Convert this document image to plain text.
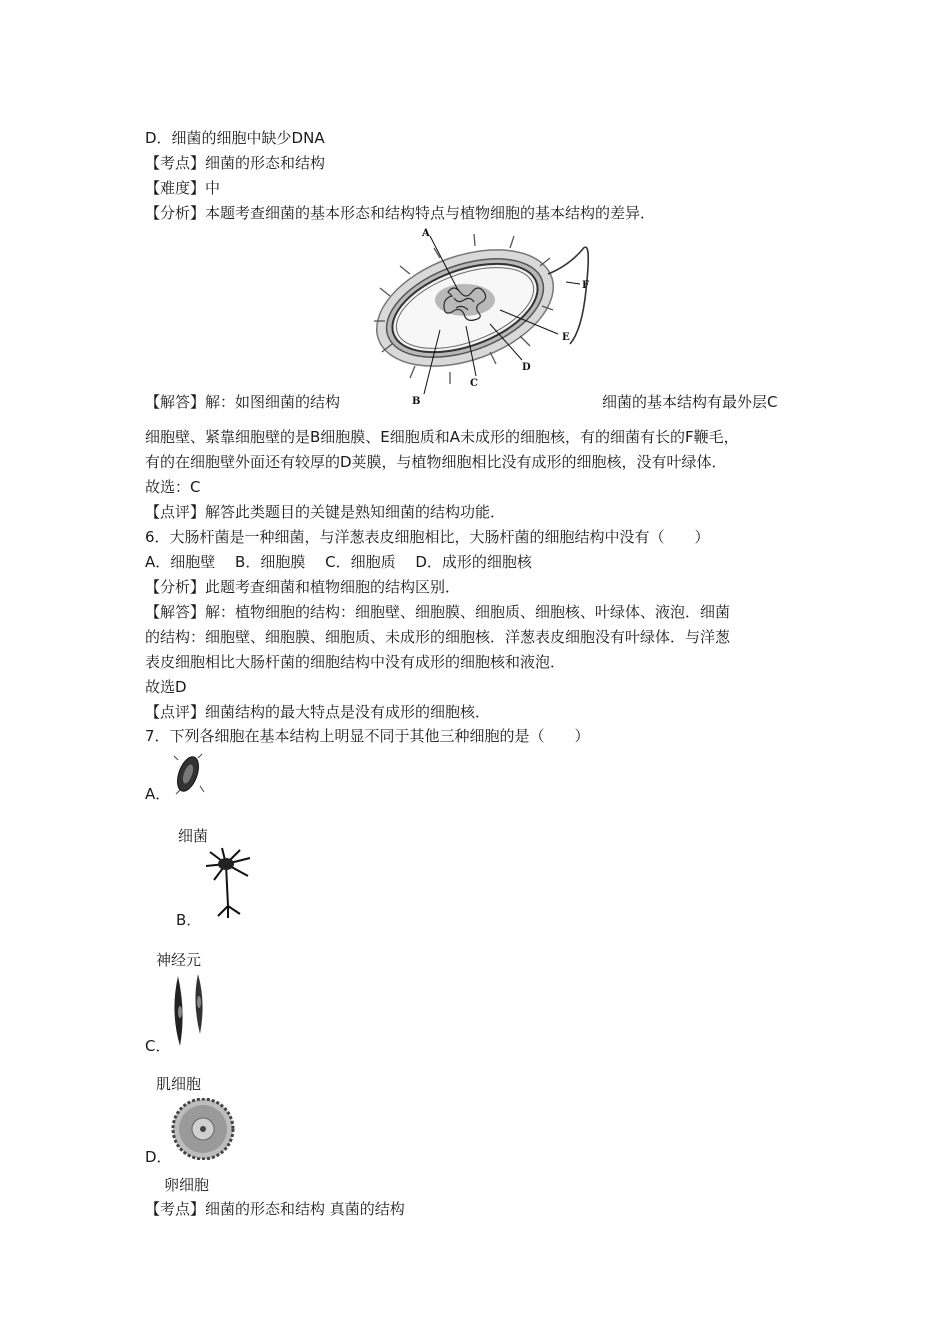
D．细菌的细胞中缺少DNA
【考点】细菌的形态和结构
【难度】中
【分析】本题考查细菌的基本形态和结构特点与植物细胞的基本结构的差异．
A
F
E
D
C
B
【解答】解：如图细菌的结构	细菌的基本结构有最外层C
细胞壁、紧靠细胞壁的是B细胞膜、E细胞质和A未成形的细胞核，有的细菌有长的F鞭毛，
有的在细胞壁外面还有较厚的D荚膜，与植物细胞相比没有成形的细胞核，没有叶绿体．
故选：C
【点评】解答此类题目的关键是熟知细菌的结构功能．
6．大肠杆菌是一种细菌，与洋葱表皮细胞相比，大肠杆菌的细胞结构中没有（　　）
A．细胞壁　 B．细胞膜　 C．细胞质　 D．成形的细胞核
【分析】此题考查细菌和植物细胞的结构区别．
【解答】解：植物细胞的结构：细胞壁、细胞膜、细胞质、细胞核、叶绿体、液泡．细菌
的结构：细胞壁、细胞膜、细胞质、未成形的细胞核．洋葱表皮细胞没有叶绿体．与洋葱
表皮细胞相比大肠杆菌的细胞结构中没有成形的细胞核和液泡．
故选D
【点评】细菌结构的最大特点是没有成形的细胞核．
7．下列各细胞在基本结构上明显不同于其他三种细胞的是（　　）
A．
细菌
B．
神经元
C．
肌细胞
D．
卵细胞
【考点】细菌的形态和结构 真菌的结构
